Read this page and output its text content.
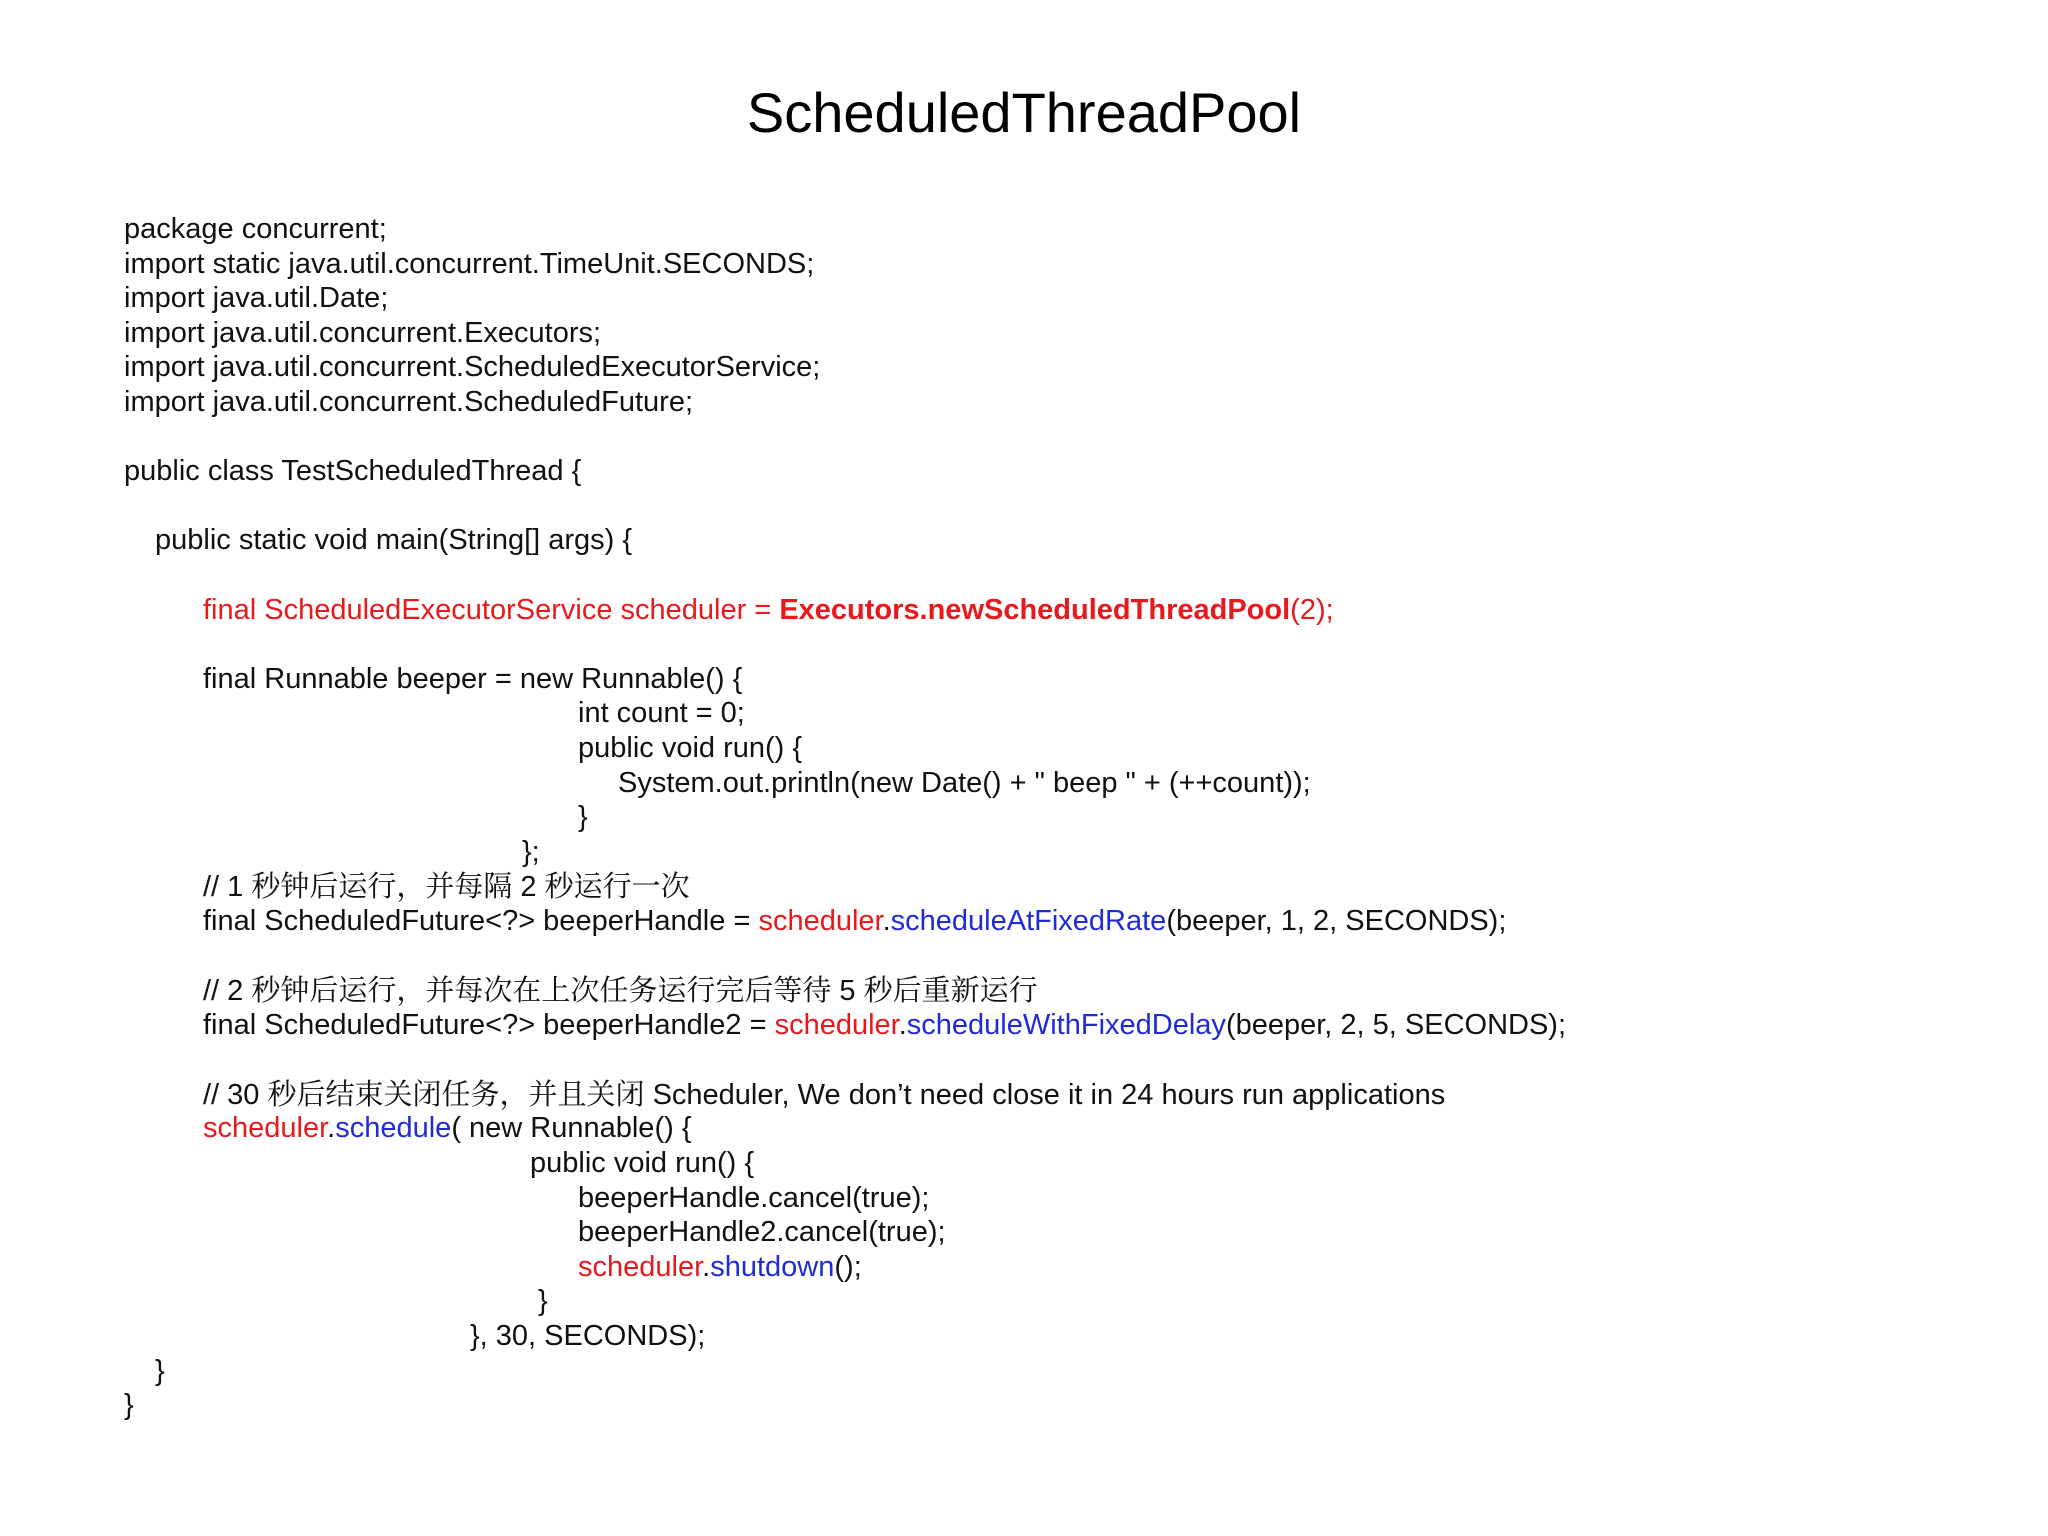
ScheduledThreadPool
package concurrent;
import static java.util.concurrent.TimeUnit.SECONDS;
import java.util.Date;
import java.util.concurrent.Executors;
import java.util.concurrent.ScheduledExecutorService;
import java.util.concurrent.ScheduledFuture;
public class TestScheduledThread {
public static void main(String[] args) {
final ScheduledExecutorService scheduler = Executors.newScheduledThreadPool(2);
final Runnable beeper = new Runnable() {
int count = 0;
public void run() {
System.out.println(new Date() + " beep " + (++count));
}
};
// 1 秒钟后运行，并每隔 2 秒运行一次
final ScheduledFuture<?> beeperHandle = scheduler.scheduleAtFixedRate(beeper, 1, 2, SECONDS);
// 2 秒钟后运行，并每次在上次任务运行完后等待 5 秒后重新运行
final ScheduledFuture<?> beeperHandle2 = scheduler.scheduleWithFixedDelay(beeper, 2, 5, SECONDS);
// 30 秒后结束关闭任务，并且关闭 Scheduler, We don’t need close it in 24 hours run applications
scheduler.schedule( new Runnable() {
public void run() {
beeperHandle.cancel(true);
beeperHandle2.cancel(true);
scheduler.shutdown();
}
}, 30, SECONDS);
}
}
